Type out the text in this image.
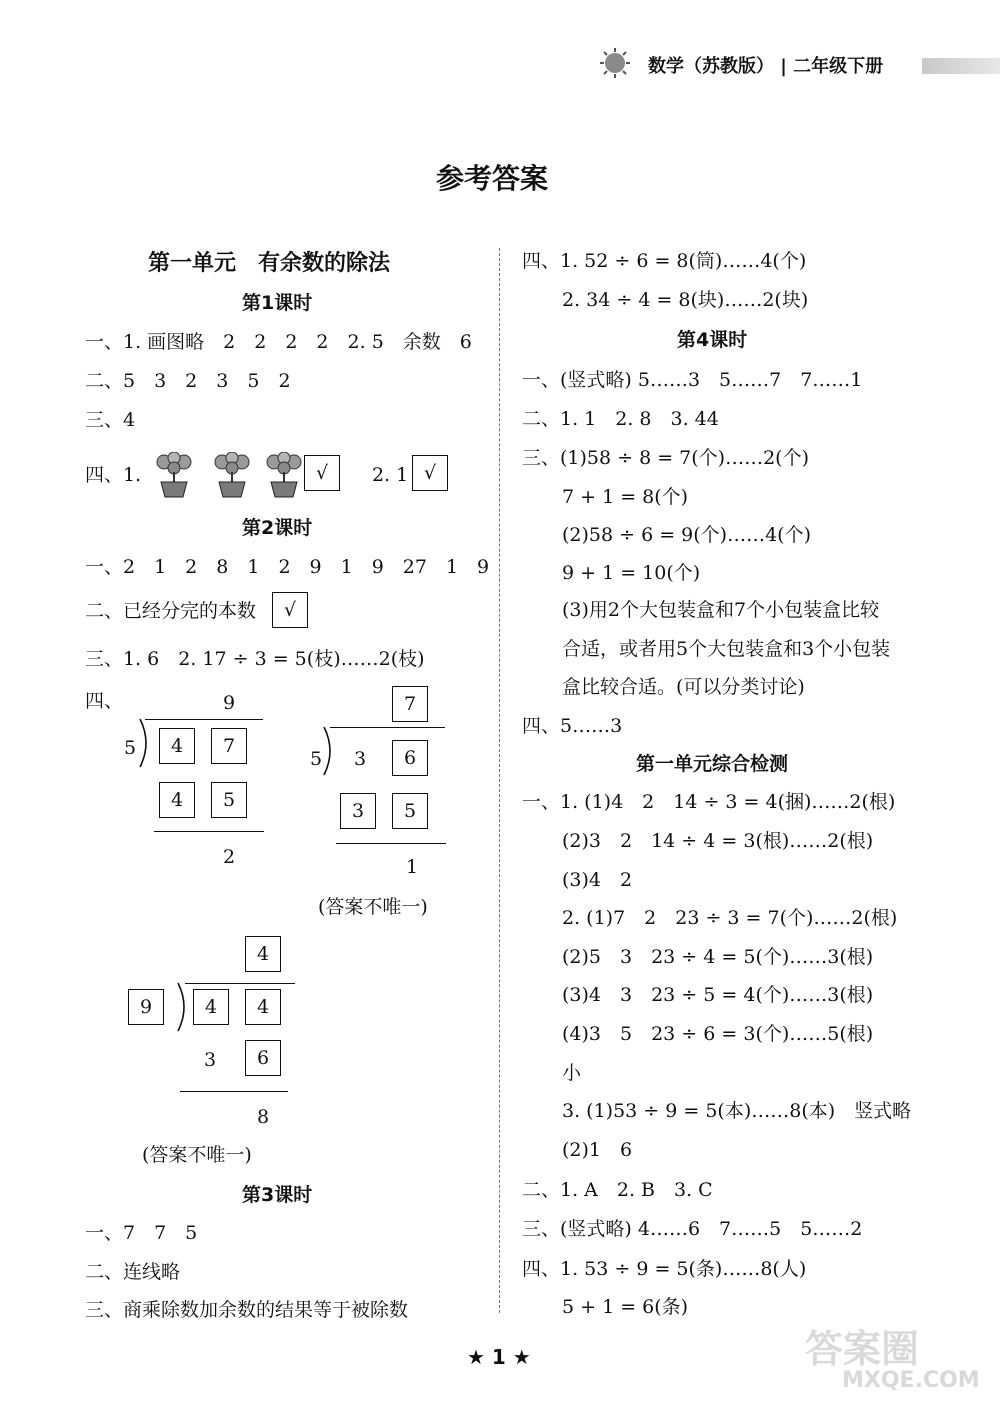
数学（苏教版） | 二年级下册
参考答案
第一单元　有余数的除法
第1课时
一、1. 画图略　2　2　2　2　2. 5　余数　6
二、5　3　2　3　5　2
三、4
四、1.	√	2. 1 √
第2课时
一、2　1　2　8　1　2　9　1　9　27　1　9
二、已经分完的本数	√
三、1. 6　2. 17 ÷ 3 = 5(枝)……2(枝)
四、	9
5	4	7
4	5
2
7
5 3	6
3	5
1
(答案不唯一)
4
9	4	4
3	6
8
(答案不唯一)
第3课时
一、7　7　5
二、连线略
三、商乘除数加余数的结果等于被除数
四、1. 52 ÷ 6 = 8(筒)……4(个)
2. 34 ÷ 4 = 8(块)……2(块)
第4课时
一、(竖式略) 5……3　5……7　7……1
二、1. 1　2. 8　3. 44
三、(1)58 ÷ 8 = 7(个)……2(个)
7 + 1 = 8(个)
(2)58 ÷ 6 = 9(个)……4(个)
9 + 1 = 10(个)
(3)用2个大包装盒和7个小包装盒比较
合适，或者用5个大包装盒和3个小包装
盒比较合适。(可以分类讨论)
四、5……3
第一单元综合检测
一、1. (1)4　2　14 ÷ 3 = 4(捆)……2(根)
(2)3　2　14 ÷ 4 = 3(根)……2(根)
(3)4　2
2. (1)7　2　23 ÷ 3 = 7(个)……2(根)
(2)5　3　23 ÷ 4 = 5(个)……3(根)
(3)4　3　23 ÷ 5 = 4(个)……3(根)
(4)3　5　23 ÷ 6 = 3(个)……5(根)
小
3. (1)53 ÷ 9 = 5(本)……8(本)　竖式略
(2)1　6
二、1. A　2. B　3. C
三、(竖式略) 4……6　7……5　5……2
四、1. 53 ÷ 9 = 5(条)……8(人)
5 + 1 = 6(条)
★ 1 ★	答案圈
MXQE.COM
